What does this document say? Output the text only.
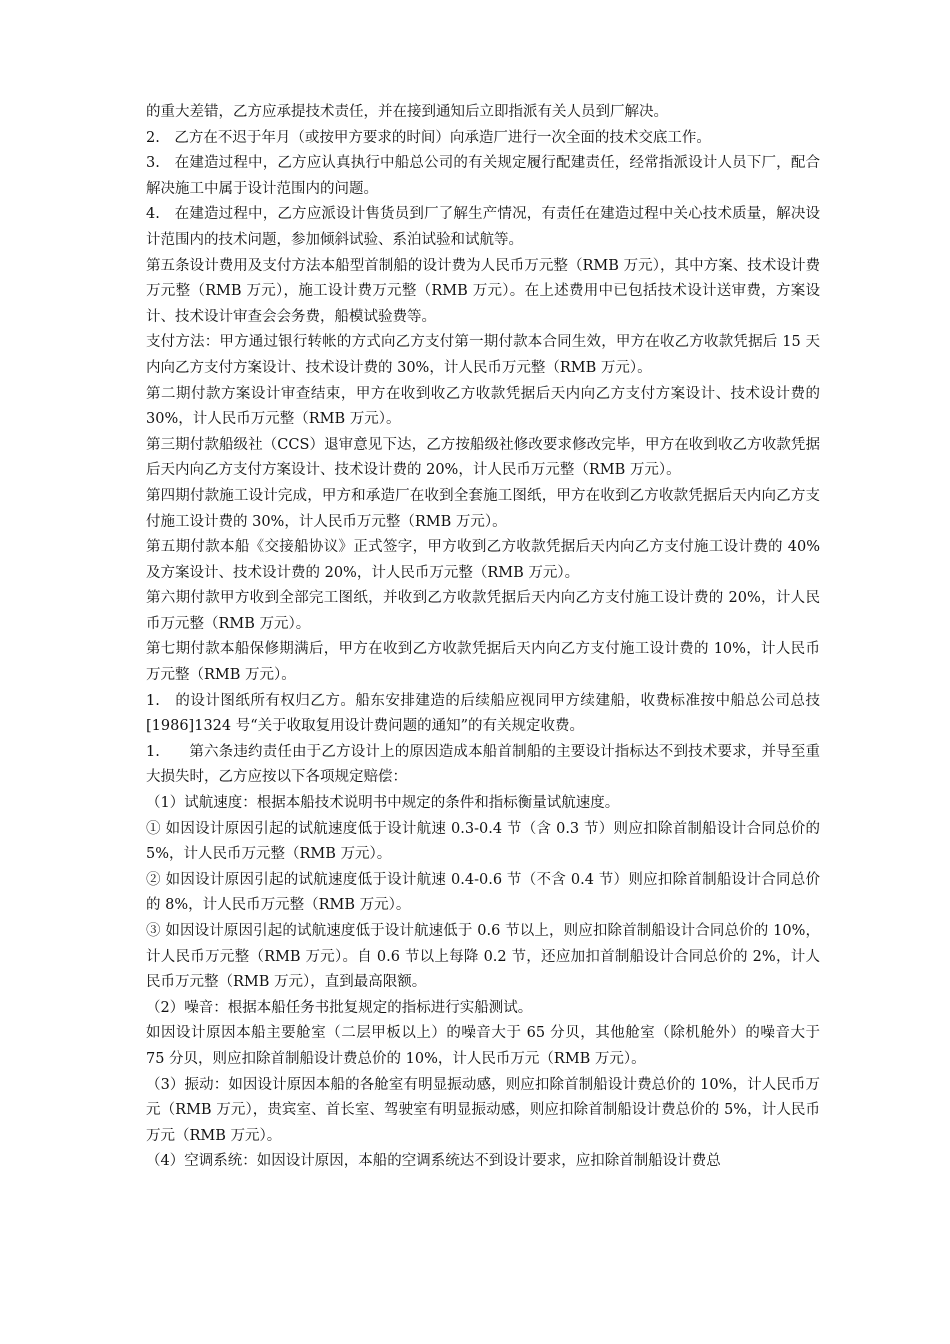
的重大差错，乙方应承提技术责任，并在接到通知后立即指派有关人员到厂解决。

2.　乙方在不迟于年月（或按甲方要求的时间）向承造厂进行一次全面的技术交底工作。

3.　在建造过程中，乙方应认真执行中船总公司的有关规定履行配建责任，经常指派设计人员下厂，配合解决施工中属于设计范围内的问题。

4.　在建造过程中，乙方应派设计售货员到厂了解生产情况，有责任在建造过程中关心技术质量，解决设计范围内的技术问题，参加倾斜试验、系泊试验和试航等。

第五条设计费用及支付方法本船型首制船的设计费为人民币万元整（RMB 万元），其中方案、技术设计费万元整（RMB 万元），施工设计费万元整（RMB 万元）。在上述费用中已包括技术设计送审费，方案设计、技术设计审查会会务费，船模试验费等。

支付方法：甲方通过银行转帐的方式向乙方支付第一期付款本合同生效，甲方在收乙方收款凭据后 15 天内向乙方支付方案设计、技术设计费的 30%，计人民币万元整（RMB 万元）。

第二期付款方案设计审查结束，甲方在收到收乙方收款凭据后天内向乙方支付方案设计、技术设计费的 30%，计人民币万元整（RMB 万元）。

第三期付款船级社（CCS）退审意见下达，乙方按船级社修改要求修改完毕，甲方在收到收乙方收款凭据后天内向乙方支付方案设计、技术设计费的 20%，计人民币万元整（RMB 万元）。

第四期付款施工设计完成，甲方和承造厂在收到全套施工图纸，甲方在收到乙方收款凭据后天内向乙方支付施工设计费的 30%，计人民币万元整（RMB 万元）。

第五期付款本船《交接船协议》正式签字，甲方收到乙方收款凭据后天内向乙方支付施工设计费的 40%及方案设计、技术设计费的 20%，计人民币万元整（RMB 万元）。

第六期付款甲方收到全部完工图纸，并收到乙方收款凭据后天内向乙方支付施工设计费的 20%，计人民币万元整（RMB 万元）。

第七期付款本船保修期满后，甲方在收到乙方收款凭据后天内向乙方支付施工设计费的 10%，计人民币万元整（RMB 万元）。

1.　的设计图纸所有权归乙方。船东安排建造的后续船应视同甲方续建船，收费标准按中船总公司总技[1986]1324 号“关于收取复用设计费问题的通知”的有关规定收费。

1.　　第六条违约责任由于乙方设计上的原因造成本船首制船的主要设计指标达不到技术要求，并导至重大损失时，乙方应按以下各项规定赔偿：

（1）试航速度：根据本船技术说明书中规定的条件和指标衡量试航速度。

① 如因设计原因引起的试航速度低于设计航速 0.3-0.4 节（含 0.3 节）则应扣除首制船设计合同总价的 5%，计人民币万元整（RMB 万元）。

② 如因设计原因引起的试航速度低于设计航速 0.4-0.6 节（不含 0.4 节）则应扣除首制船设计合同总价的 8%，计人民币万元整（RMB 万元）。

③ 如因设计原因引起的试航速度低于设计航速低于 0.6 节以上，则应扣除首制船设计合同总价的 10%，计人民币万元整（RMB 万元）。自 0.6 节以上每降 0.2 节，还应加扣首制船设计合同总价的 2%，计人民币万元整（RMB 万元），直到最高限额。

（2）噪音：根据本船任务书批复规定的指标进行实船测试。

如因设计原因本船主要舱室（二层甲板以上）的噪音大于 65 分贝，其他舱室（除机舱外）的噪音大于 75 分贝，则应扣除首制船设计费总价的 10%，计人民币万元（RMB 万元）。

（3）振动：如因设计原因本船的各舱室有明显振动感，则应扣除首制船设计费总价的 10%，计人民币万元（RMB 万元），贵宾室、首长室、驾驶室有明显振动感，则应扣除首制船设计费总价的 5%，计人民币万元（RMB 万元）。

（4）空调系统：如因设计原因，本船的空调系统达不到设计要求，应扣除首制船设计费总
